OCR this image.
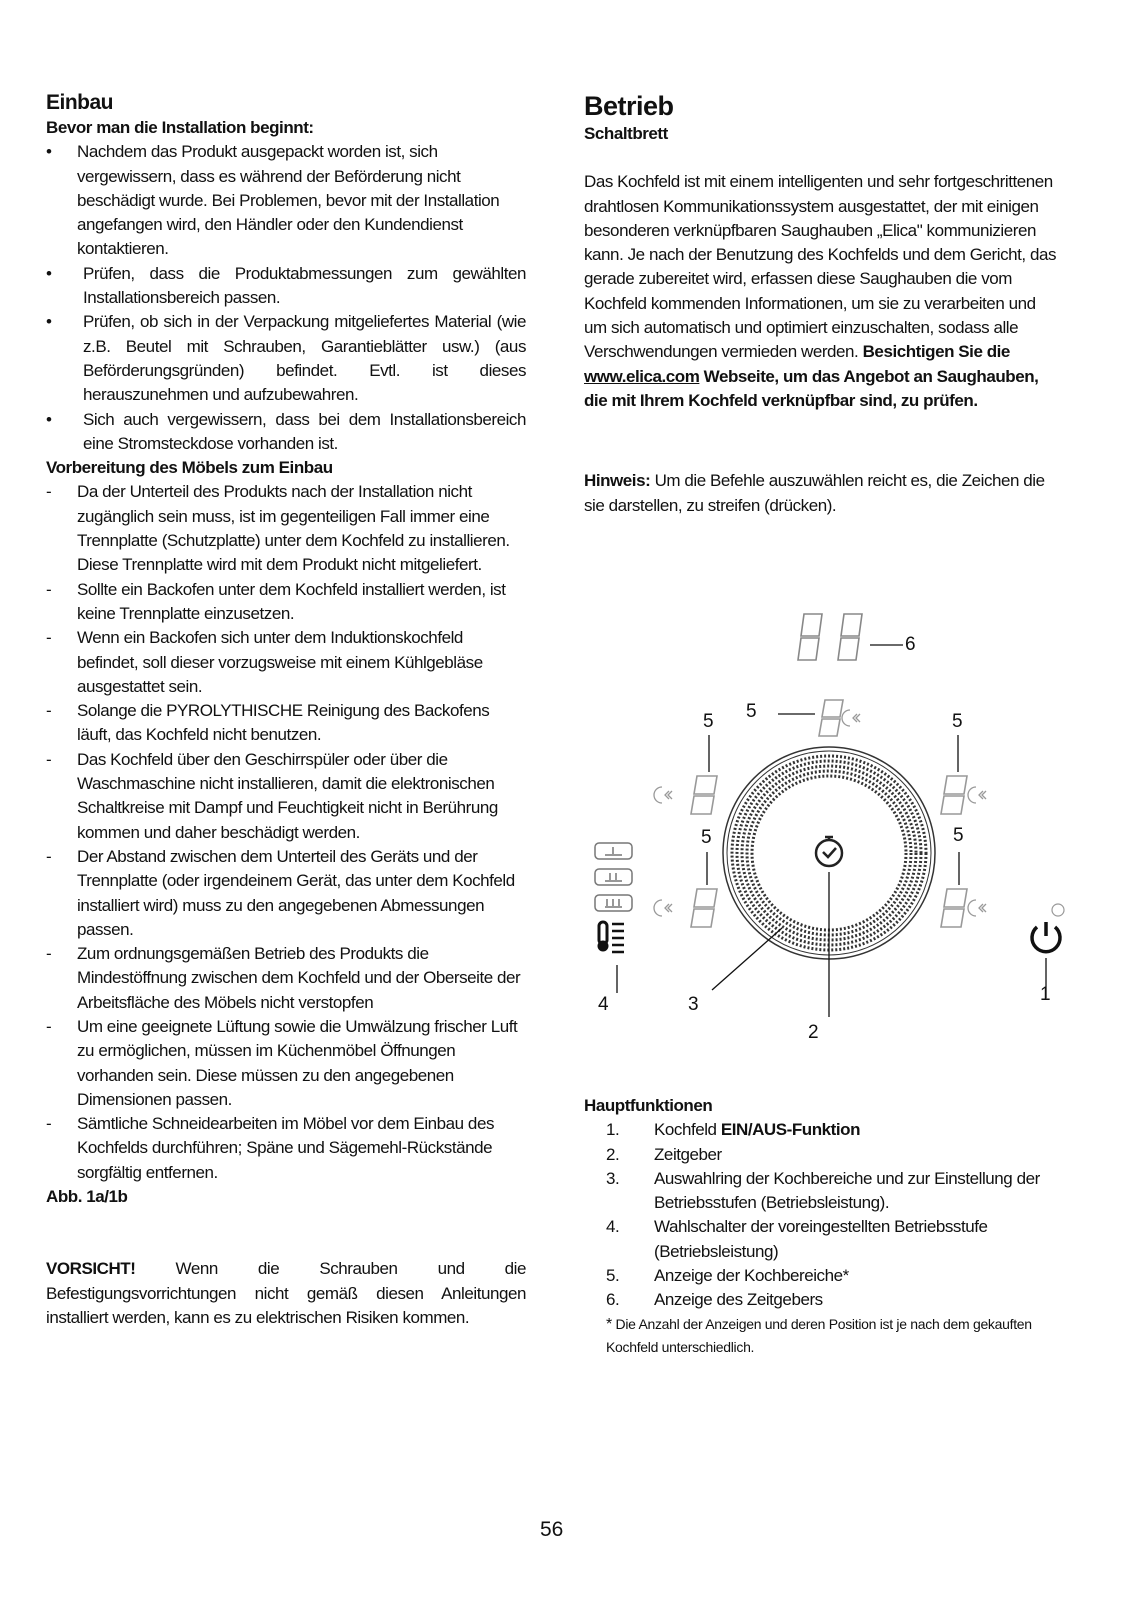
Einbau

Bevor man die Installation beginnt:

• Nachdem das Produkt ausgepackt worden ist, sich vergewissern, dass es während der Beförderung nicht beschädigt wurde. Bei Problemen, bevor mit der Installation angefangen wird, den Händler oder den Kundendienst kontaktieren.
• Prüfen, dass die Produktabmessungen zum gewählten Installationsbereich passen.
• Prüfen, ob sich in der Verpackung mitgeliefertes Material (wie z.B. Beutel mit Schrauben, Garantieblätter usw.) (aus Beförderungsgründen) befindet. Evtl. ist dieses herauszunehmen und aufzubewahren.
• Sich auch vergewissern, dass bei dem Installationsbereich eine Stromsteckdose vorhanden ist.

Vorbereitung des Möbels zum Einbau

- Da der Unterteil des Produkts nach der Installation nicht zugänglich sein muss, ist im gegenteiligen Fall immer eine Trennplatte (Schutzplatte) unter dem Kochfeld zu installieren. Diese Trennplatte wird mit dem Produkt nicht mitgeliefert.
- Sollte ein Backofen unter dem Kochfeld installiert werden, ist keine Trennplatte einzusetzen.
- Wenn ein Backofen sich unter dem Induktionskochfeld befindet, soll dieser vorzugsweise mit einem Kühlgebläse ausgestattet sein.
- Solange die PYROLYTHISCHE Reinigung des Backofens läuft, das Kochfeld nicht benutzen.
- Das Kochfeld über den Geschirrspüler oder über die Waschmaschine nicht installieren, damit die elektronischen Schaltkreise mit Dampf und Feuchtigkeit nicht in Berührung kommen und daher beschädigt werden.
- Der Abstand zwischen dem Unterteil des Geräts und der Trennplatte (oder irgendeinem Gerät, das unter dem Kochfeld installiert wird) muss zu den angegebenen Abmessungen passen.
- Zum ordnungsgemäßen Betrieb des Produkts die Mindestöffnung zwischen dem Kochfeld und der Oberseite der Arbeitsfläche des Möbels nicht verstopfen
- Um eine geeignete Lüftung sowie die Umwälzung frischer Luft zu ermöglichen, müssen im Küchenmöbel Öffnungen vorhanden sein. Diese müssen zu den angegebenen Dimensionen passen.
- Sämtliche Schneidearbeiten im Möbel vor dem Einbau des Kochfelds durchführen; Späne und Sägemehl-Rückstände sorgfältig entfernen.

Abb. 1a/1b

VORSICHT! Wenn die Schrauben und die Befestigungsvorrichtungen nicht gemäß diesen Anleitungen installiert werden, kann es zu elektrischen Risiken kommen.

Betrieb

Schaltbrett

Das Kochfeld ist mit einem intelligenten und sehr fortgeschrittenen drahtlosen Kommunikationssystem ausgestattet, der mit einigen besonderen verknüpfbaren Saughauben „Elica" kommunizieren kann. Je nach der Benutzung des Kochfelds und dem Gericht, das gerade zubereitet wird, erfassen diese Saughauben die vom Kochfeld kommenden Informationen, um sie zu verarbeiten und um sich automatisch und optimiert einzuschalten, sodass alle Verschwendungen vermieden werden. Besichtigen Sie die www.elica.com Webseite, um das Angebot an Saughauben, die mit Ihrem Kochfeld verknüpfbar sind, zu prüfen.

Hinweis: Um die Befehle auszuwählen reicht es, die Zeichen die sie darstellen, zu streifen (drücken).

Hauptfunktionen

1. Kochfeld EIN/AUS-Funktion
2. Zeitgeber
3. Auswahlring der Kochbereiche und zur Einstellung der Betriebsstufen (Betriebsleistung).
4. Wahlschalter der voreingestellten Betriebsstufe (Betriebsleistung)
5. Anzeige der Kochbereiche*
6. Anzeige des Zeitgebers
* Die Anzahl der Anzeigen und deren Position ist je nach dem gekauften Kochfeld unterschiedlich.
6
5
5	5
5	5
3
4
2
1
56
